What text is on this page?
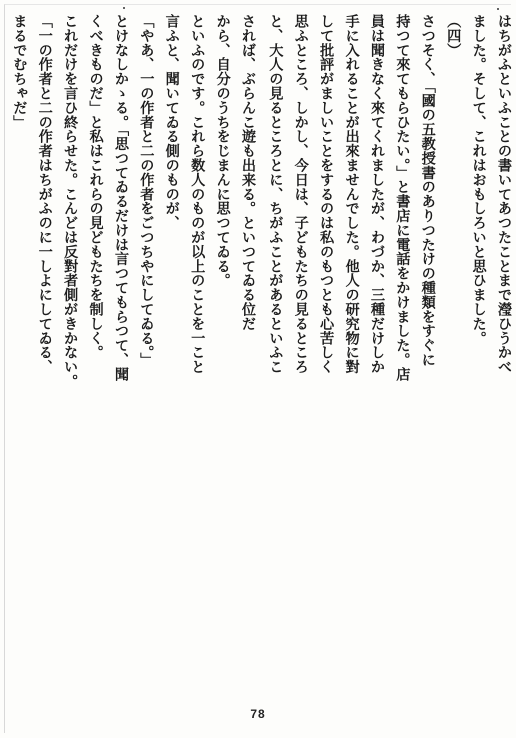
されば、ぶらんこ遊も出来る。といつてゐる位だ
から、自分のうちをじまんに思つてゐる。
といふのです。これら数人のものが以上のことを一こと
言ふと、聞いてゐる側のものが、
「やあ、一の作者と二の作者をごつちやにしてゐる。」
とけなしかゝる。「思つてゐるだけは言つてもらつて、聞
くべきものだ」と私はこれらの見どもたちを制しく。
これだけを言ひ終らせた。こんどは反對者側がきかない。
「一の作者と二の作者はちがふのに一しよにしてゐる、
まるでむちゃだ」	はちがふといふことの書いてあつたことまで瀅ひうかべ
ました。そして、これはおもしろいと思ひました。
（四）
さつそく、「國の五教授書のありつたけの種類をすぐに
持つて來てもらひたい。」と書店に電話をかけました。店
員は聞きなく來てくれましたが、わづか、三種だけしか
手に入れることが出來ませんでした。他人の研究物に對
して批評がましいことをするのは私のもつとも心苦しく
思ふところ、しかし、今日は、子どもたちの見るところ
と、大人の見るところとに、ちがふことがあるといふこ
78
